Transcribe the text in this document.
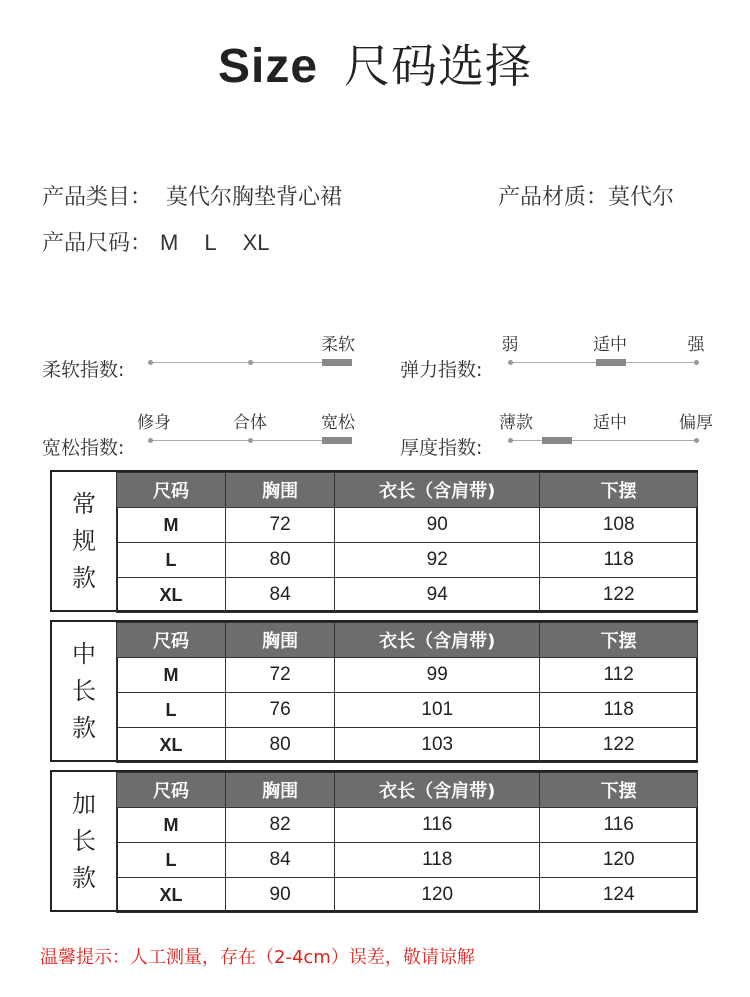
Size 尺码选择
产品类目： 莫代尔胸垫背心裙	产品材质：莫代尔
产品尺码： M L XL
柔软指数:
柔软
弹力指数:
弱	适中	强
宽松指数:
修身	合体	宽松
厚度指数:
薄款	适中	偏厚
常
规
款
尺码	胸围	衣长（含肩带)	下摆
M	72	90	108
L	80	92	118
XL	84	94	122
中
长
款
尺码	胸围	衣长（含肩带)	下摆
M	72	99	112
L	76	101	118
XL	80	103	122
加
长
款
尺码	胸围	衣长（含肩带)	下摆
M	82	116	116
L	84	118	120
XL	90	120	124
温馨提示：人工测量，存在（2-4cm）误差，敬请谅解
